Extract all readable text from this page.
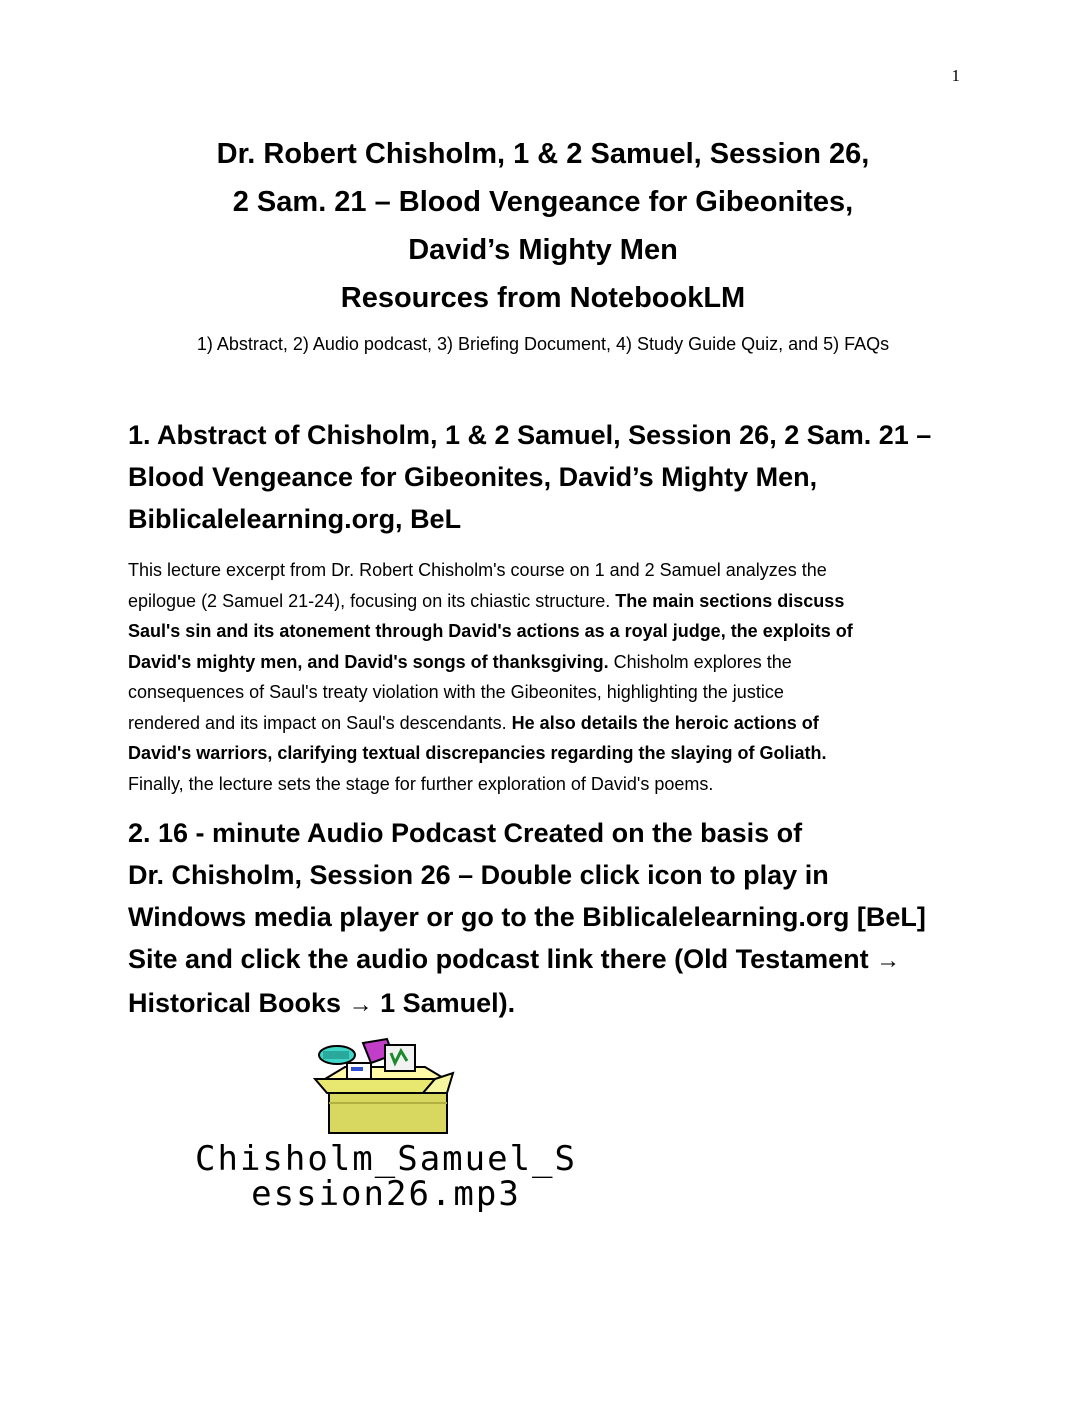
1
Dr. Robert Chisholm, 1 & 2 Samuel, Session 26,
2 Sam. 21 – Blood Vengeance for Gibeonites,
David’s Mighty Men
Resources from NotebookLM
1) Abstract, 2) Audio podcast, 3) Briefing Document, 4) Study Guide Quiz, and 5) FAQs
1. Abstract of Chisholm, 1 & 2 Samuel, Session 26, 2 Sam. 21 –
Blood Vengeance for Gibeonites, David’s Mighty Men,
Biblicalelearning.org, BeL

This lecture excerpt from Dr. Robert Chisholm's course on 1 and 2 Samuel analyzes the
epilogue (2 Samuel 21-24), focusing on its chiastic structure. The main sections discuss
Saul's sin and its atonement through David's actions as a royal judge, the exploits of
David's mighty men, and David's songs of thanksgiving. Chisholm explores the
consequences of Saul's treaty violation with the Gibeonites, highlighting the justice
rendered and its impact on Saul's descendants. He also details the heroic actions of
David's warriors, clarifying textual discrepancies regarding the slaying of Goliath.
Finally, the lecture sets the stage for further exploration of David's poems.

2. 16 - minute Audio Podcast Created on the basis of
Dr. Chisholm, Session 26 – Double click icon to play in
Windows media player or go to the Biblicalelearning.org [BeL]
Site and click the audio podcast link there (Old Testament →
Historical Books → 1 Samuel).
Chisholm_Samuel_S
ession26.mp3
